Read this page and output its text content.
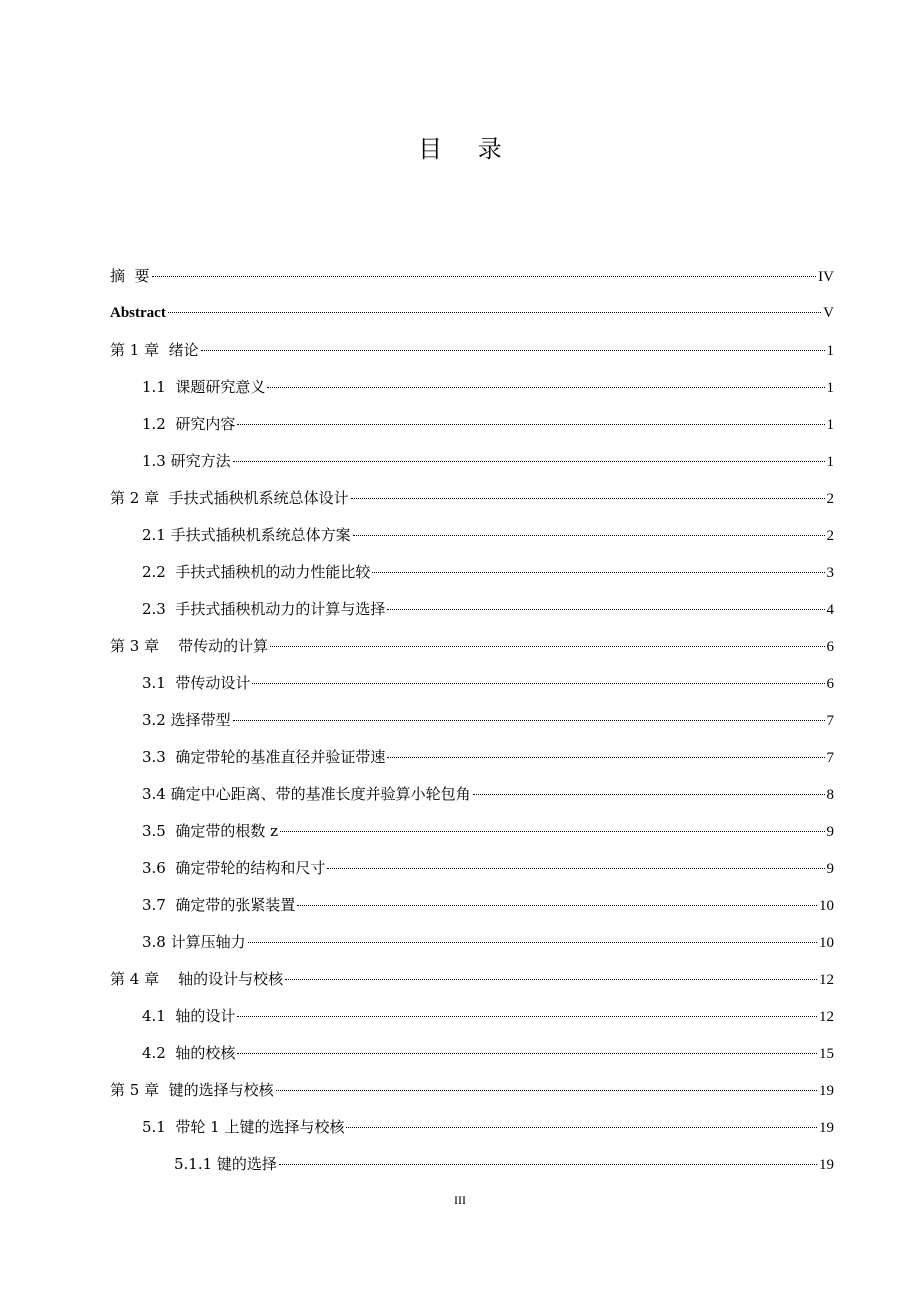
目 录
摘  要	IV
Abstract	V
第 1 章  绪论	1
1.1  课题研究意义	1
1.2  研究内容	1
1.3 研究方法	1
第 2 章  手扶式插秧机系统总体设计	2
2.1 手扶式插秧机系统总体方案	2
2.2  手扶式插秧机的动力性能比较	3
2.3  手扶式插秧机动力的计算与选择	4
第 3 章    带传动的计算	6
3.1  带传动设计	6
3.2 选择带型	7
3.3  确定带轮的基准直径并验证带速	7
3.4 确定中心距离、带的基准长度并验算小轮包角	8
3.5  确定带的根数 z	9
3.6  确定带轮的结构和尺寸	9
3.7  确定带的张紧装置	10
3.8 计算压轴力	10
第 4 章    轴的设计与校核	12
4.1  轴的设计	12
4.2  轴的校核	15
第 5 章  键的选择与校核	19
5.1  带轮 1 上键的选择与校核	19
5.1.1 键的选择	19
III
